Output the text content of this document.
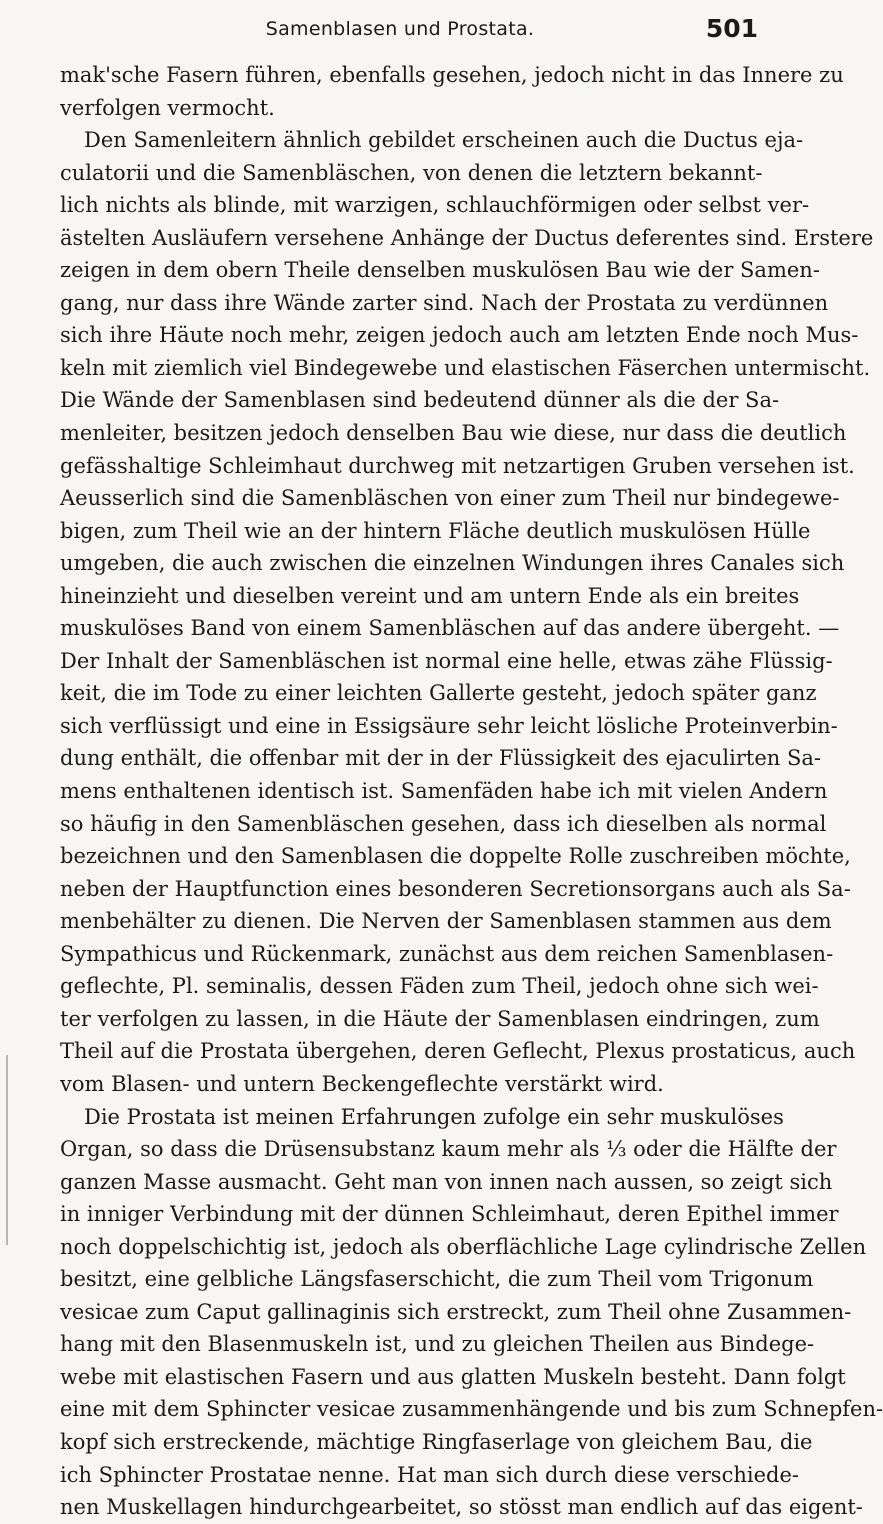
Samenblasen und Prostata.	501
mak'sche Fasern führen, ebenfalls gesehen, jedoch nicht in das Innere zu
verfolgen vermocht.
Den Samenleitern ähnlich gebildet erscheinen auch die Ductus eja-
culatorii und die Samenbläschen, von denen die letztern bekannt-
lich nichts als blinde, mit warzigen, schlauchförmigen oder selbst ver-
ästelten Ausläufern versehene Anhänge der Ductus deferentes sind. Erstere
zeigen in dem obern Theile denselben muskulösen Bau wie der Samen-
gang, nur dass ihre Wände zarter sind. Nach der Prostata zu verdünnen
sich ihre Häute noch mehr, zeigen jedoch auch am letzten Ende noch Mus-
keln mit ziemlich viel Bindegewebe und elastischen Fäserchen untermischt.
Die Wände der Samenblasen sind bedeutend dünner als die der Sa-
menleiter, besitzen jedoch denselben Bau wie diese, nur dass die deutlich
gefässhaltige Schleimhaut durchweg mit netzartigen Gruben versehen ist.
Aeusserlich sind die Samenbläschen von einer zum Theil nur bindegewe-
bigen, zum Theil wie an der hintern Fläche deutlich muskulösen Hülle
umgeben, die auch zwischen die einzelnen Windungen ihres Canales sich
hineinzieht und dieselben vereint und am untern Ende als ein breites
muskulöses Band von einem Samenbläschen auf das andere übergeht. —
Der Inhalt der Samenbläschen ist normal eine helle, etwas zähe Flüssig-
keit, die im Tode zu einer leichten Gallerte gesteht, jedoch später ganz
sich verflüssigt und eine in Essigsäure sehr leicht lösliche Proteinverbin-
dung enthält, die offenbar mit der in der Flüssigkeit des ejaculirten Sa-
mens enthaltenen identisch ist. Samenfäden habe ich mit vielen Andern
so häufig in den Samenbläschen gesehen, dass ich dieselben als normal
bezeichnen und den Samenblasen die doppelte Rolle zuschreiben möchte,
neben der Hauptfunction eines besonderen Secretionsorgans auch als Sa-
menbehälter zu dienen. Die Nerven der Samenblasen stammen aus dem
Sympathicus und Rückenmark, zunächst aus dem reichen Samenblasen-
geflechte, Pl. seminalis, dessen Fäden zum Theil, jedoch ohne sich wei-
ter verfolgen zu lassen, in die Häute der Samenblasen eindringen, zum
Theil auf die Prostata übergehen, deren Geflecht, Plexus prostaticus, auch
vom Blasen- und untern Beckengeflechte verstärkt wird.
Die Prostata ist meinen Erfahrungen zufolge ein sehr muskulöses
Organ, so dass die Drüsensubstanz kaum mehr als ⅓ oder die Hälfte der
ganzen Masse ausmacht. Geht man von innen nach aussen, so zeigt sich
in inniger Verbindung mit der dünnen Schleimhaut, deren Epithel immer
noch doppelschichtig ist, jedoch als oberflächliche Lage cylindrische Zellen
besitzt, eine gelbliche Längsfaserschicht, die zum Theil vom Trigonum
vesicae zum Caput gallinaginis sich erstreckt, zum Theil ohne Zusammen-
hang mit den Blasenmuskeln ist, und zu gleichen Theilen aus Bindege-
webe mit elastischen Fasern und aus glatten Muskeln besteht. Dann folgt
eine mit dem Sphincter vesicae zusammenhängende und bis zum Schnepfen-
kopf sich erstreckende, mächtige Ringfaserlage von gleichem Bau, die
ich Sphincter Prostatae nenne. Hat man sich durch diese verschiede-
nen Muskellagen hindurchgearbeitet, so stösst man endlich auf das eigent-
